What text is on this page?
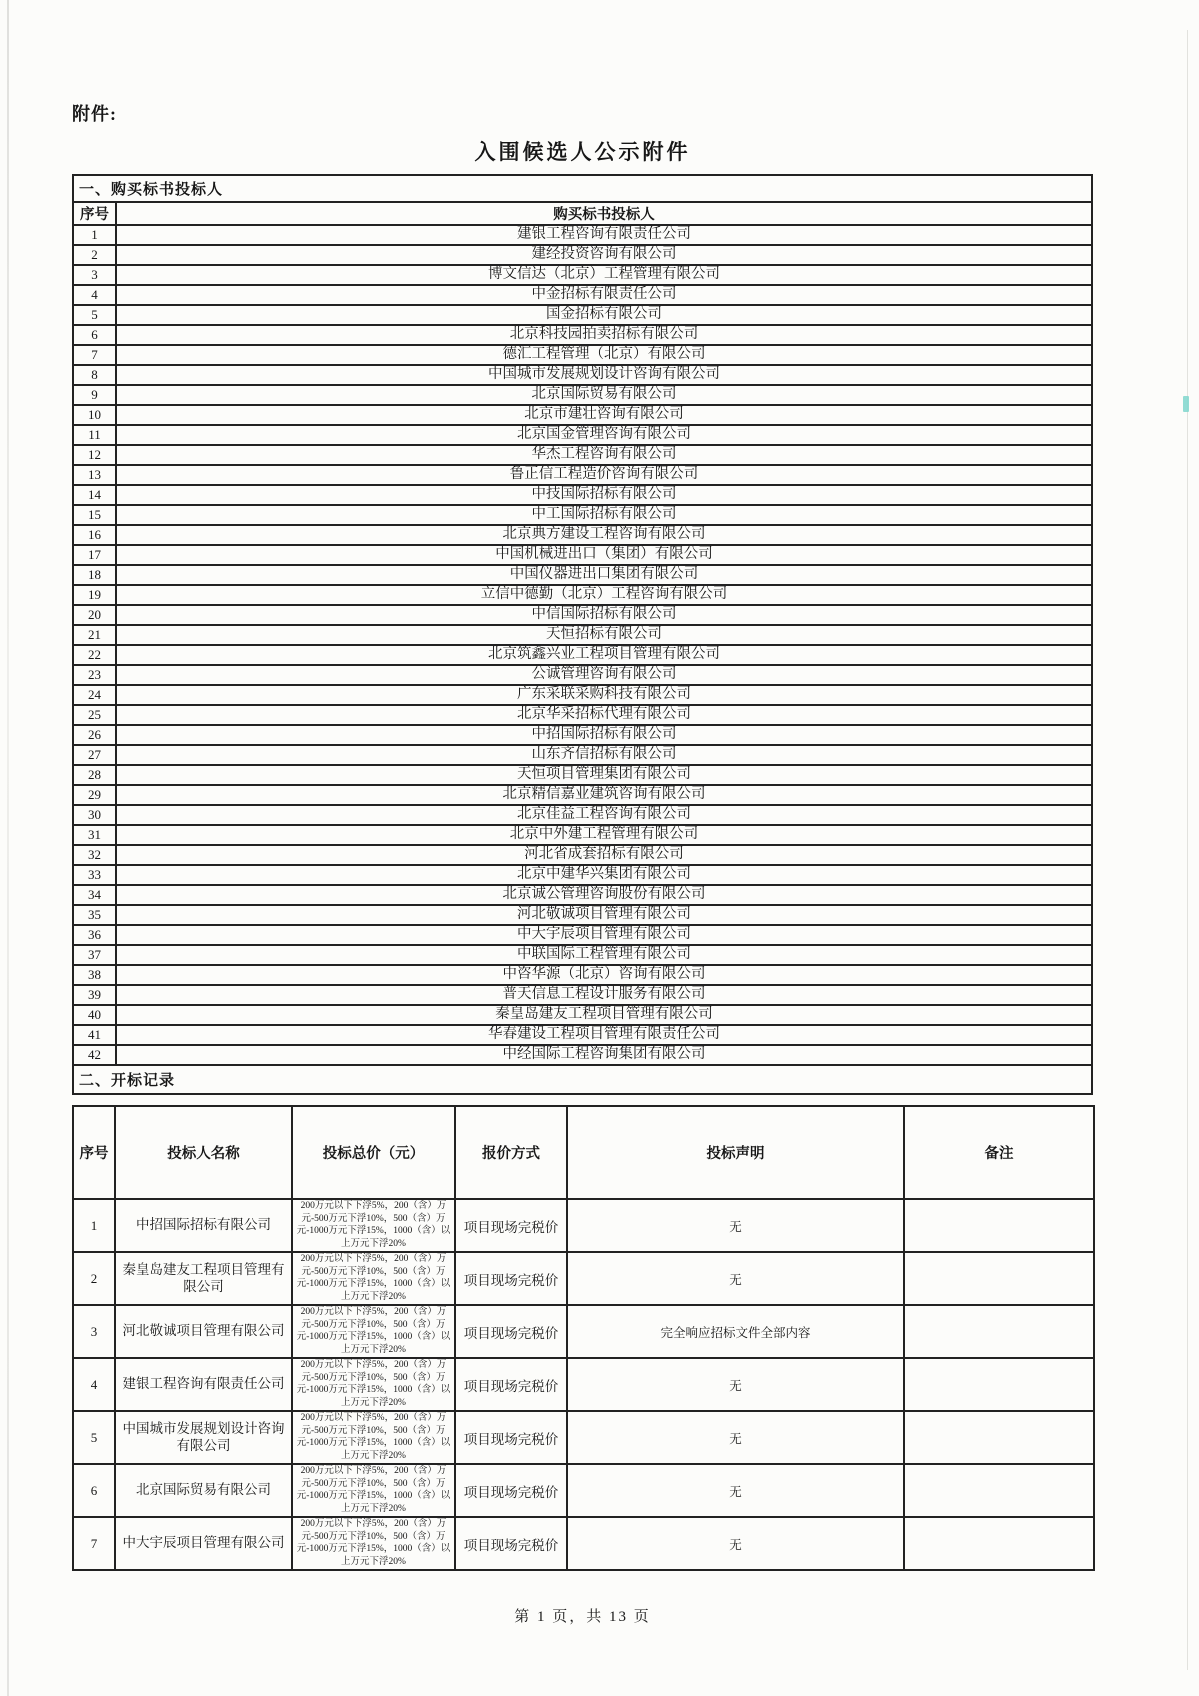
附件:
入围候选人公示附件
一、购买标书投标人	
序号	购买标书投标人
1	建银工程咨询有限责任公司
2	建经投资咨询有限公司
3	博文信达（北京）工程管理有限公司
4	中金招标有限责任公司
5	国金招标有限公司
6	北京科技园拍卖招标有限公司
7	德汇工程管理（北京）有限公司
8	中国城市发展规划设计咨询有限公司
9	北京国际贸易有限公司
10	北京市建壮咨询有限公司
11	北京国金管理咨询有限公司
12	华杰工程咨询有限公司
13	鲁正信工程造价咨询有限公司
14	中技国际招标有限公司
15	中工国际招标有限公司
16	北京典方建设工程咨询有限公司
17	中国机械进出口（集团）有限公司
18	中国仪器进出口集团有限公司
19	立信中德勤（北京）工程咨询有限公司
20	中信国际招标有限公司
21	天恒招标有限公司
22	北京筑鑫兴业工程项目管理有限公司
23	公诚管理咨询有限公司
24	广东采联采购科技有限公司
25	北京华采招标代理有限公司
26	中招国际招标有限公司
27	山东齐信招标有限公司
28	天恒项目管理集团有限公司
29	北京精信嘉业建筑咨询有限公司
30	北京佳益工程咨询有限公司
31	北京中外建工程管理有限公司
32	河北省成套招标有限公司
33	北京中建华兴集团有限公司
34	北京诚公管理咨询股份有限公司
35	河北敬诚项目管理有限公司
36	中大宇辰项目管理有限公司
37	中联国际工程管理有限公司
38	中咨华源（北京）咨询有限公司
39	普天信息工程设计服务有限公司
40	秦皇岛建友工程项目管理有限公司
41	华春建设工程项目管理有限责任公司
42	中经国际工程咨询集团有限公司
二、开标记录
序号	投标人名称	投标总价（元）	报价方式	投标声明	备注
1	中招国际招标有限公司	200万元以下下浮5%，200（含）万元-500万元下浮10%，500（含）万元-1000万元下浮15%，1000（含）以上万元下浮20%	项目现场完税价	无	
2	秦皇岛建友工程项目管理有限公司	200万元以下下浮5%，200（含）万元-500万元下浮10%，500（含）万元-1000万元下浮15%，1000（含）以上万元下浮20%	项目现场完税价	无	
3	河北敬诚项目管理有限公司	200万元以下下浮5%，200（含）万元-500万元下浮10%，500（含）万元-1000万元下浮15%，1000（含）以上万元下浮20%	项目现场完税价	完全响应招标文件全部内容	
4	建银工程咨询有限责任公司	200万元以下下浮5%，200（含）万元-500万元下浮10%，500（含）万元-1000万元下浮15%，1000（含）以上万元下浮20%	项目现场完税价	无	
5	中国城市发展规划设计咨询有限公司	200万元以下下浮5%，200（含）万元-500万元下浮10%，500（含）万元-1000万元下浮15%，1000（含）以上万元下浮20%	项目现场完税价	无	
6	北京国际贸易有限公司	200万元以下下浮5%，200（含）万元-500万元下浮10%，500（含）万元-1000万元下浮15%，1000（含）以上万元下浮20%	项目现场完税价	无	
7	中大宇辰项目管理有限公司	200万元以下下浮5%，200（含）万元-500万元下浮10%，500（含）万元-1000万元下浮15%，1000（含）以上万元下浮20%	项目现场完税价	无	
第 1 页，共 13 页
